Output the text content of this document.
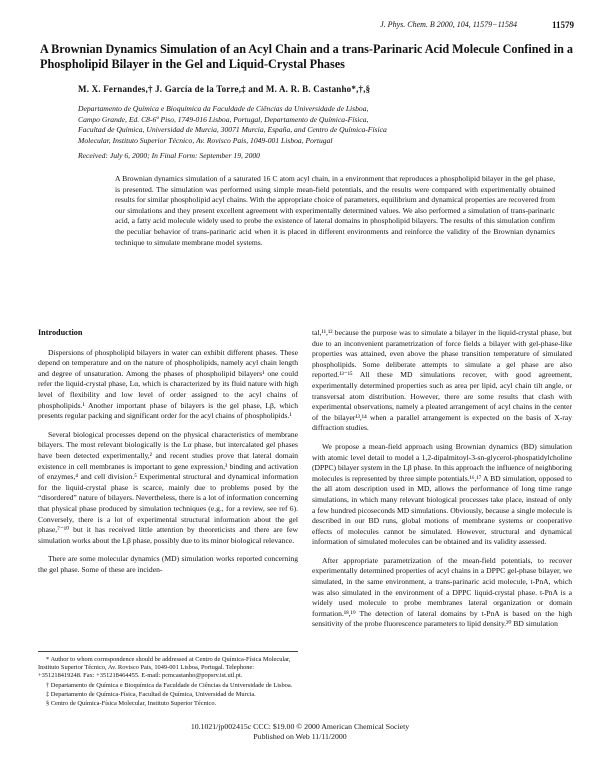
J. Phys. Chem. B 2000, 104, 11579−11584	11579
A Brownian Dynamics Simulation of an Acyl Chain and a trans-Parinaric Acid Molecule Confined in a Phospholipid Bilayer in the Gel and Liquid-Crystal Phases
M. X. Fernandes,† J. García de la Torre,‡ and M. A. R. B. Castanho*,†,§
Departamento de Química e Bioquímica da Faculdade de Ciências da Universidade de Lisboa,
Campo Grande, Ed. C8-6º Piso, 1749-016 Lisboa, Portugal, Departamento de Química-Física,
Facultad de Química, Universidad de Murcia, 30071 Murcia, España, and Centro de Química-Física
Molecular, Instituto Superior Técnico, Av. Rovisco Pais, 1049-001 Lisboa, Portugal
Received: July 6, 2000; In Final Form: September 19, 2000
A Brownian dynamics simulation of a saturated 16 C atom acyl chain, in a environment that reproduces a phospholipid bilayer in the gel phase, is presented. The simulation was performed using simple mean-field potentials, and the results were compared with experimentally obtained results for similar phospholipid acyl chains. With the appropriate choice of parameters, equilibrium and dynamical properties are recovered from our simulations and they present excellent agreement with experimentally determined values. We also performed a simulation of trans-parinaric acid, a fatty acid molecule widely used to probe the existence of lateral domains in phospholipid bilayers. The results of this simulation confirm the peculiar behavior of trans-parinaric acid when it is placed in different environments and reinforce the validity of the Brownian dynamics technique to simulate membrane model systems.
Introduction

Dispersions of phospholipid bilayers in water can exhibit different phases. These depend on temperature and on the nature of phospholipids, namely acyl chain length and degree of unsaturation. Among the phases of phospholipid bilayers¹ one could refer the liquid-crystal phase, Lα, which is characterized by its fluid nature with high level of flexibility and low level of order assigned to the acyl chains of phospholipids.¹ Another important phase of bilayers is the gel phase, Lβ, which presents regular packing and significant order for the acyl chains of phospholipids.¹

Several biological processes depend on the physical characteristics of membrane bilayers. The most relevant biologically is the Lα phase, but intercalated gel phases have been detected experimentally,² and recent studies prove that lateral domain existence in cell membranes is important to gene expression,³ binding and activation of enzymes,⁴ and cell division.⁵ Experimental structural and dynamical information for the liquid-crystal phase is scarce, mainly due to problems posed by the “disordered” nature of bilayers. Nevertheless, there is a lot of information concerning that physical phase produced by simulation techniques (e.g., for a review, see ref 6). Conversely, there is a lot of experimental structural information about the gel phase,⁷⁻¹⁰ but it has received little attention by theoreticists and there are few simulation works about the Lβ phase, possibly due to its minor biological relevance.

There are some molecular dynamics (MD) simulation works reported concerning the gel phase. Some of these are inciden-

tal,¹¹,¹² because the purpose was to simulate a bilayer in the liquid-crystal phase, but due to an inconvenient parametrization of force fields a bilayer with gel-phase-like properties was attained, even above the phase transition temperature of simulated phospholipids. Some deliberate attempts to simulate a gel phase are also reported.¹³⁻¹⁵ All these MD simulations recover, with good agreement, experimentally determined properties such as area per lipid, acyl chain tilt angle, or transversal atom distribution. However, there are some results that clash with experimental observations, namely a pleated arrangement of acyl chains in the center of the bilayer¹³,¹⁴ when a parallel arrangement is expected on the basis of X-ray diffraction studies.

We propose a mean-field approach using Brownian dynamics (BD) simulation with atomic level detail to model a 1,2-dipalmitoyl-3-sn-glycerol-phospatidylcholine (DPPC) bilayer system in the Lβ phase. In this approach the influence of neighboring molecules is represented by three simple potentials.¹⁶,¹⁷ A BD simulation, opposed to the all atom description used in MD, allows the performance of long time range simulations, in which many relevant biological processes take place, instead of only a few hundred picoseconds MD simulations. Obviously, because a single molecule is described in our BD runs, global motions of membrane systems or cooperative effects of molecules cannot be simulated. However, structural and dynamical information of simulated molecules can be obtained and its validity assessed.

After appropriate parametrization of the mean-field potentials, to recover experimentally determined properties of acyl chains in a DPPC gel-phase bilayer, we simulated, in the same environment, a trans-parinaric acid molecule, t-PnA, which was also simulated in the environment of a DPPC liquid-crystal phase. t-PnA is a widely used molecule to probe membranes lateral organization or domain formation.¹⁸,¹⁹ The detection of lateral domains by t-PnA is based on the high sensitivity of the probe fluorescence parameters to lipid density.²⁰ BD simulation

* Author to whom correspondence should be addressed at Centro de Química-Física Molecular, Instituto Superior Técnico, Av. Rovisco Pais, 1049-001 Lisboa, Portugal. Telephone: +351218419248. Fax: +351218464455. E-mail: pcmcastanho@popsrv.ist.utl.pt.
† Departamento de Química e Bioquímica da Faculdade de Ciências da Universidade de Lisboa.
‡ Departamento de Química-Física, Facultad de Química, Universidad de Murcia.
§ Centro de Química-Física Molecular, Instituto Superior Técnico.
10.1021/jp002415c CCC: $19.00 © 2000 American Chemical Society
Published on Web 11/11/2000
